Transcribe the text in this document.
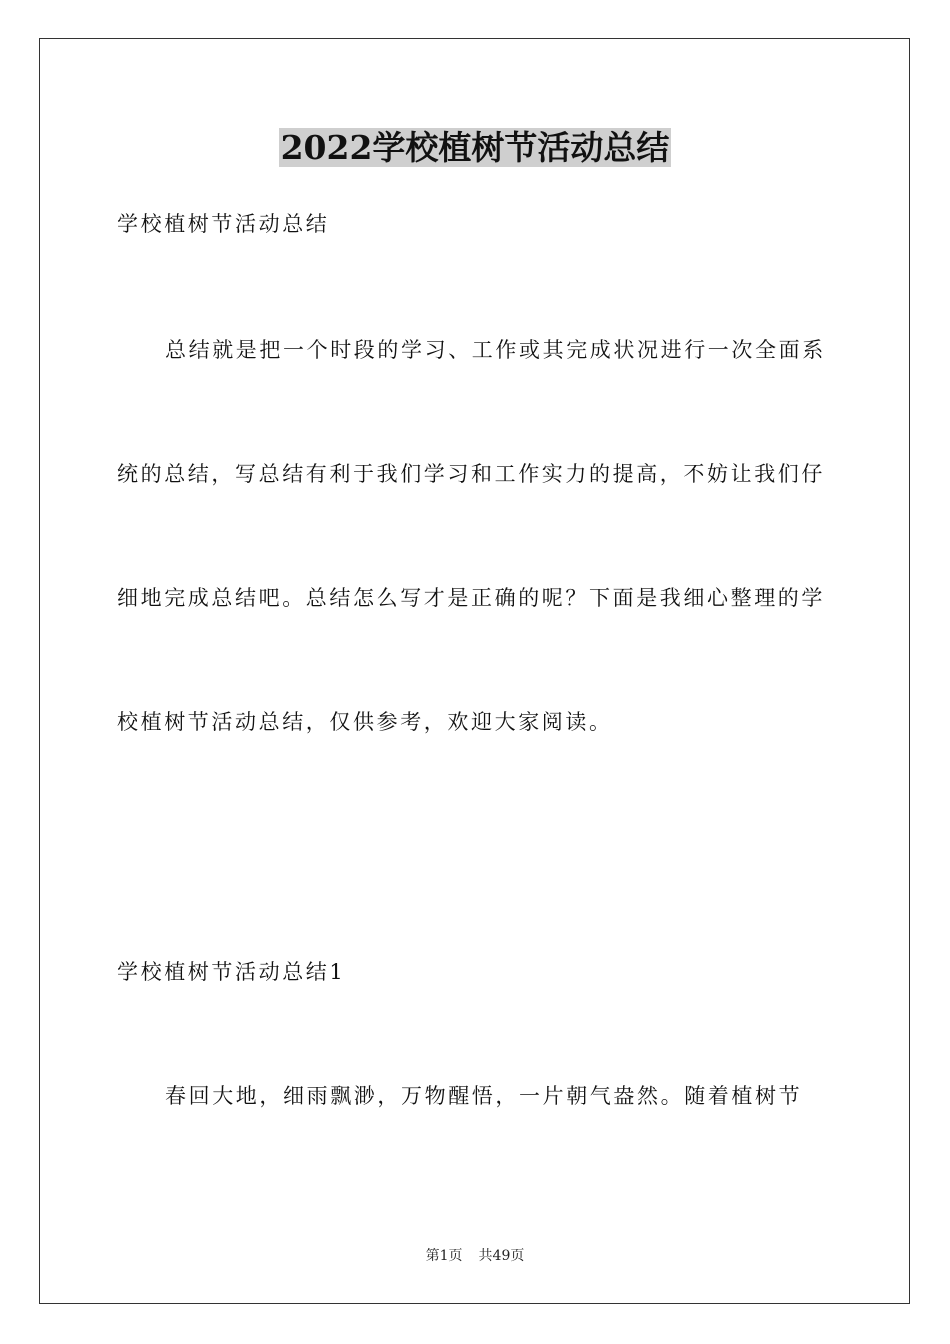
2022学校植树节活动总结
学校植树节活动总结
总结就是把一个时段的学习、工作或其完成状况进行一次全面系
统的总结，写总结有利于我们学习和工作实力的提高，不妨让我们仔
细地完成总结吧。总结怎么写才是正确的呢？下面是我细心整理的学
校植树节活动总结，仅供参考，欢迎大家阅读。
学校植树节活动总结1
春回大地，细雨飘渺，万物醒悟，一片朝气盎然。随着植树节
第1页 共49页
